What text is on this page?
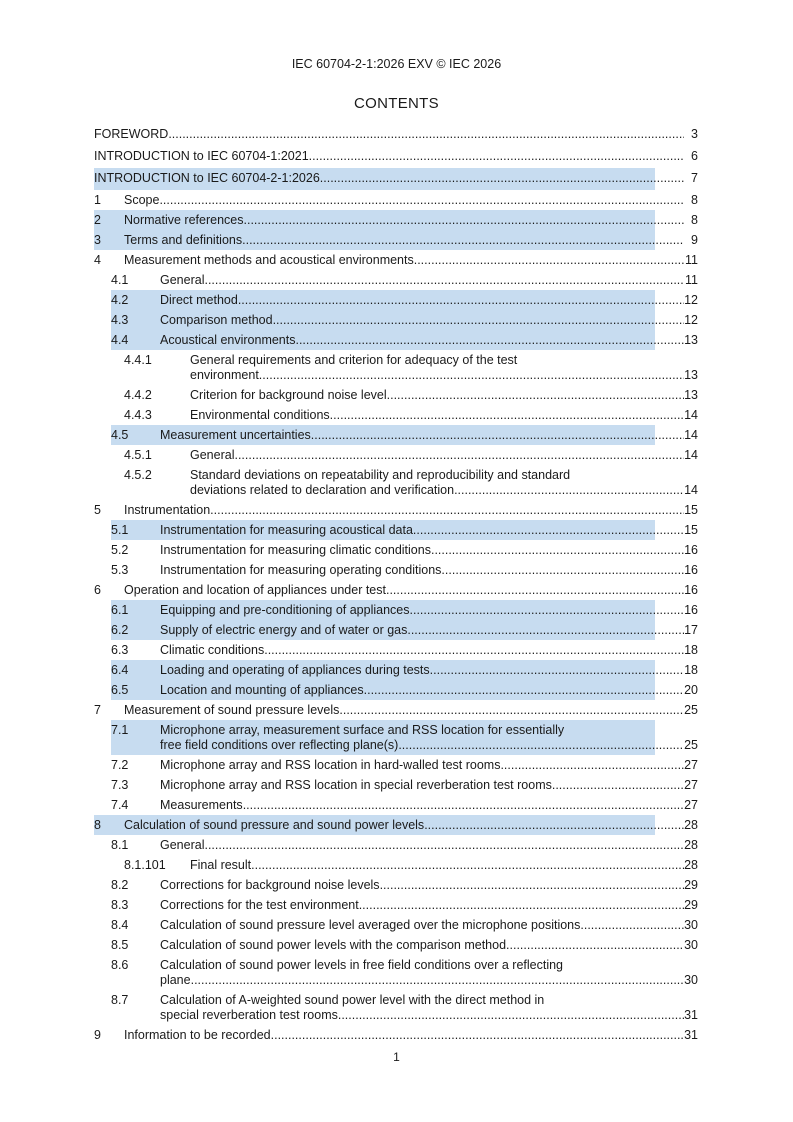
IEC 60704-2-1:2026 EXV © IEC 2026
CONTENTS
FOREWORD .....	3
INTRODUCTION to IEC 60704-1:2021 .....	6
INTRODUCTION to IEC 60704-2-1:2026 .....	7
1	Scope .....	8
2	Normative references .....	8
3	Terms and definitions .....	9
4	Measurement methods and acoustical environments .....	11
4.1	General .....	11
4.2	Direct method .....	12
4.3	Comparison method .....	12
4.4	Acoustical environments .....	13
4.4.1	General requirements and criterion for adequacy of the test
environment .....	13
4.4.2	Criterion for background noise level .....	13
4.4.3	Environmental conditions .....	14
4.5	Measurement uncertainties .....	14
4.5.1	General .....	14
4.5.2	Standard deviations on repeatability and reproducibility and standard
deviations related to declaration and verification .....	14
5	Instrumentation .....	15
5.1	Instrumentation for measuring acoustical data .....	15
5.2	Instrumentation for measuring climatic conditions .....	16
5.3	Instrumentation for measuring operating conditions .....	16
6	Operation and location of appliances under test .....	16
6.1	Equipping and pre-conditioning of appliances .....	16
6.2	Supply of electric energy and of water or gas .....	17
6.3	Climatic conditions .....	18
6.4	Loading and operating of appliances during tests .....	18
6.5	Location and mounting of appliances .....	20
7	Measurement of sound pressure levels .....	25
7.1	Microphone array, measurement surface and RSS location for essentially
free field conditions over reflecting plane(s) .....	25
7.2	Microphone array and RSS location in hard-walled test rooms .....	27
7.3	Microphone array and RSS location in special reverberation test rooms .....	27
7.4	Measurements .....	27
8	Calculation of sound pressure and sound power levels .....	28
8.1	General .....	28
8.1.101	Final result .....	28
8.2	Corrections for background noise levels .....	29
8.3	Corrections for the test environment .....	29
8.4	Calculation of sound pressure level averaged over the microphone positions .....	30
8.5	Calculation of sound power levels with the comparison method .....	30
8.6	Calculation of sound power levels in free field conditions over a reflecting
plane .....	30
8.7	Calculation of A-weighted sound power level with the direct method in
special reverberation test rooms .....	31
9	Information to be recorded .....	31
1
